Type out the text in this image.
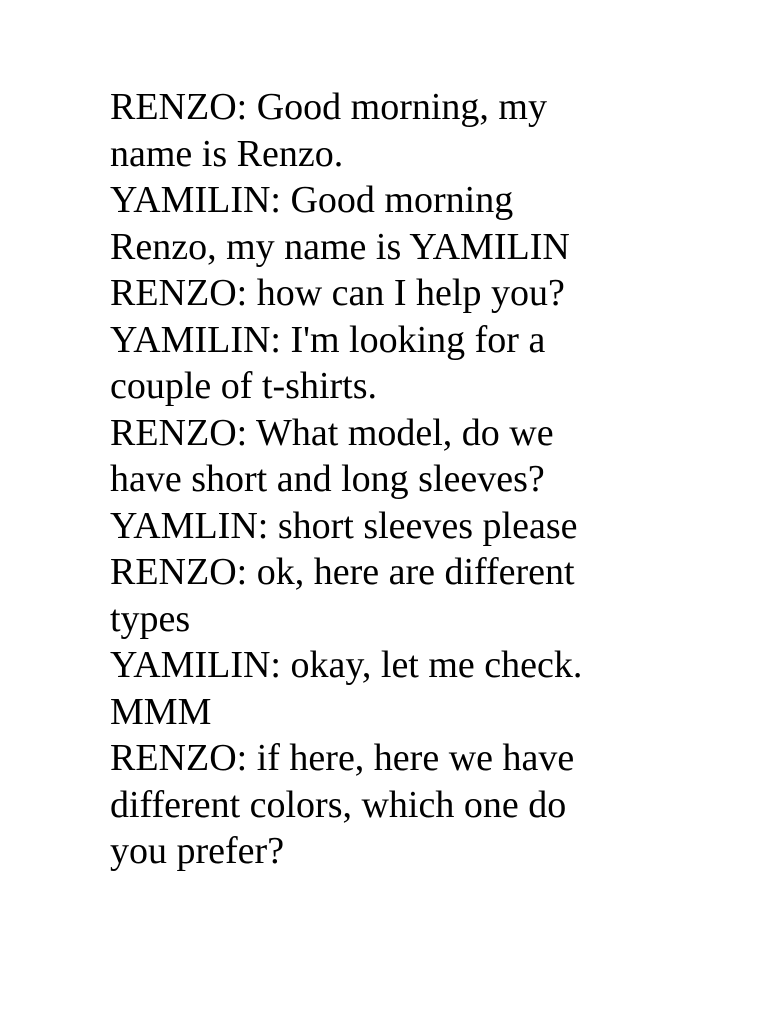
RENZO: Good morning, my
name is Renzo.
YAMILIN: Good morning
Renzo, my name is YAMILIN
RENZO: how can I help you?
YAMILIN: I'm looking for a
couple of t-shirts.
RENZO: What model, do we
have short and long sleeves?
YAMLIN: short sleeves please
RENZO: ok, here are different
types
YAMILIN: okay, let me check.
MMM
RENZO: if here, here we have
different colors, which one do
you prefer?
